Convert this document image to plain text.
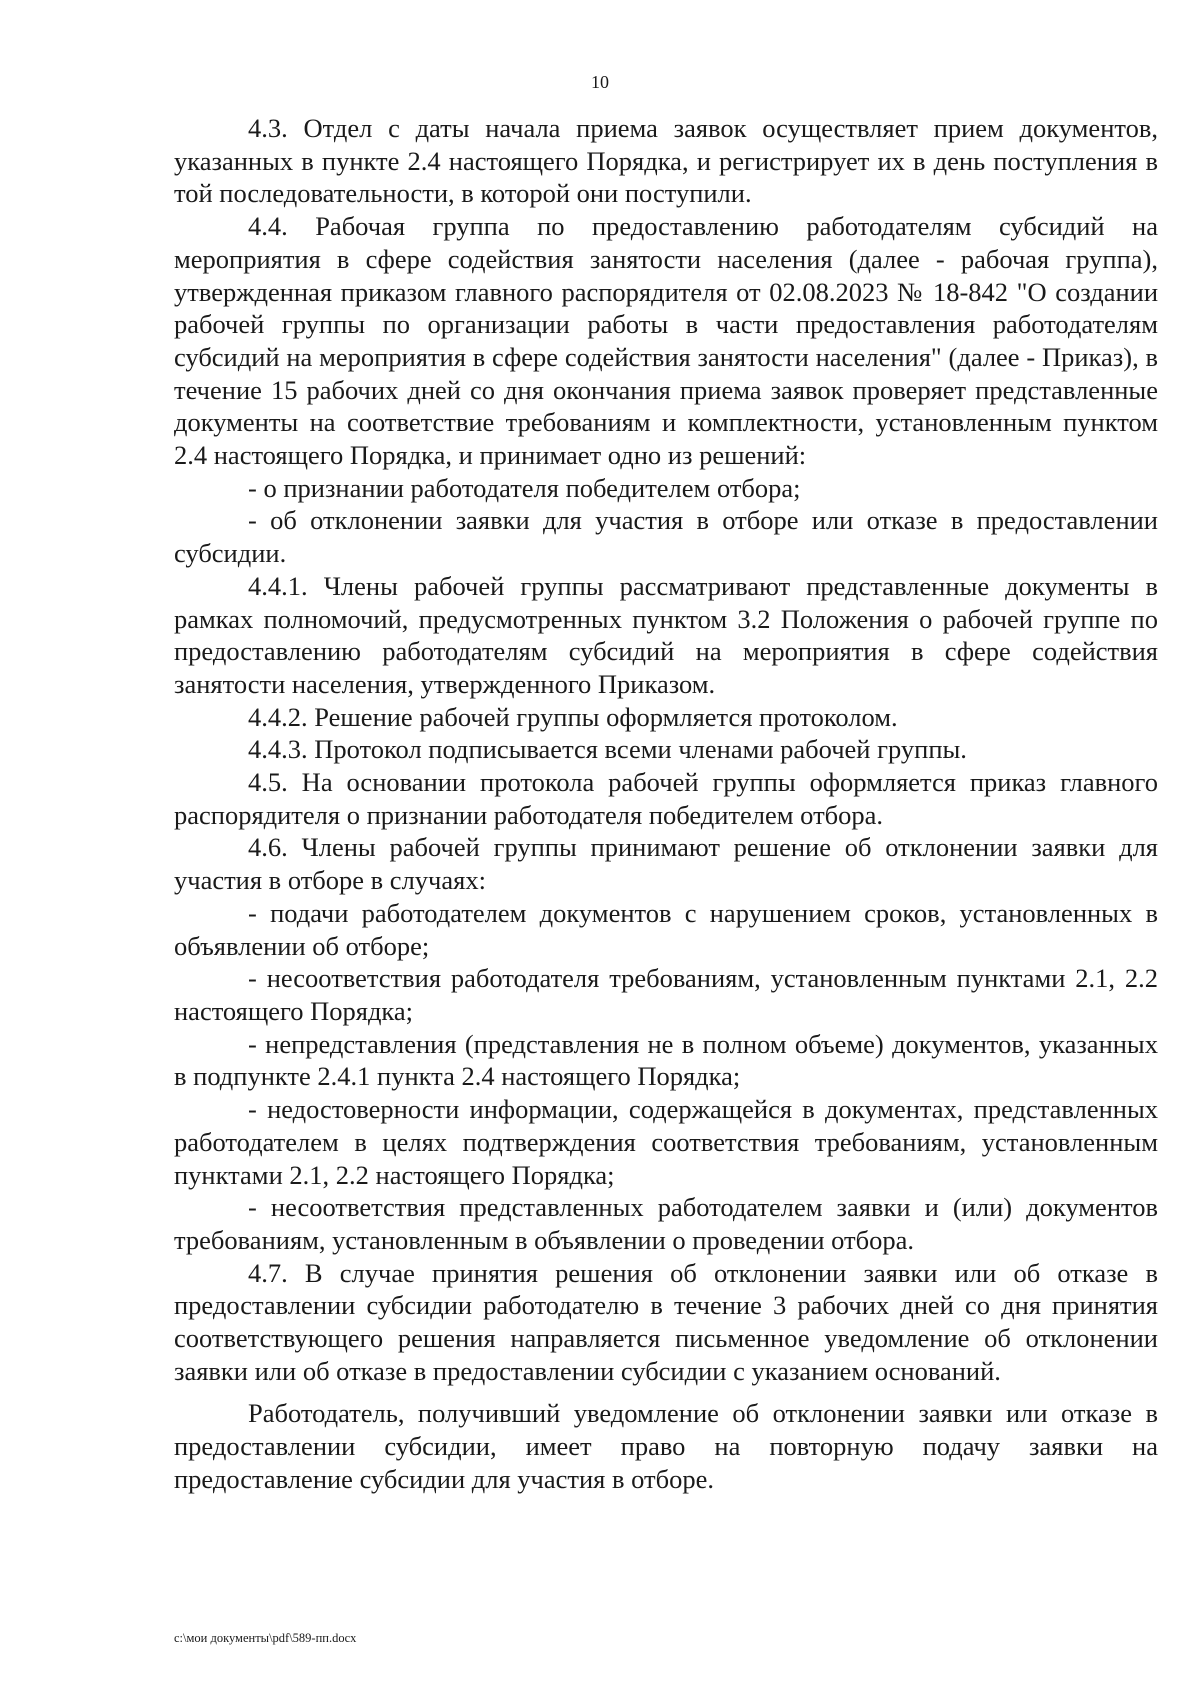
10

4.3. Отдел с даты начала приема заявок осуществляет прием документов, указанных в пункте 2.4 настоящего Порядка, и регистрирует их в день поступления в той последовательности, в которой они поступили.

4.4. Рабочая группа по предоставлению работодателям субсидий на мероприятия в сфере содействия занятости населения (далее - рабочая группа), утвержденная приказом главного распорядителя от 02.08.2023 № 18-842 "О создании рабочей группы по организации работы в части предоставления работодателям субсидий на мероприятия в сфере содействия занятости населения" (далее - Приказ), в течение 15 рабочих дней со дня окончания приема заявок проверяет представленные документы на соответствие требованиям и комплектности, установленным пунктом 2.4 настоящего Порядка, и принимает одно из решений:

- о признании работодателя победителем отбора;

- об отклонении заявки для участия в отборе или отказе в предоставлении субсидии.

4.4.1. Члены рабочей группы рассматривают представленные документы в рамках полномочий, предусмотренных пунктом 3.2 Положения о рабочей группе по предоставлению работодателям субсидий на мероприятия в сфере содействия занятости населения, утвержденного Приказом.

4.4.2. Решение рабочей группы оформляется протоколом.

4.4.3. Протокол подписывается всеми членами рабочей группы.

4.5. На основании протокола рабочей группы оформляется приказ главного распорядителя о признании работодателя победителем отбора.

4.6. Члены рабочей группы принимают решение об отклонении заявки для участия в отборе в случаях:

- подачи работодателем документов с нарушением сроков, установленных в объявлении об отборе;

- несоответствия работодателя требованиям, установленным пунктами 2.1, 2.2 настоящего Порядка;

- непредставления (представления не в полном объеме) документов, указанных в подпункте 2.4.1 пункта 2.4 настоящего Порядка;

- недостоверности информации, содержащейся в документах, представленных работодателем в целях подтверждения соответствия требованиям, установленным пунктами 2.1, 2.2 настоящего Порядка;

- несоответствия представленных работодателем заявки и (или) документов требованиям, установленным в объявлении о проведении отбора.

4.7. В случае принятия решения об отклонении заявки или об отказе в предоставлении субсидии работодателю в течение 3 рабочих дней со дня принятия соответствующего решения направляется письменное уведомление об отклонении заявки или об отказе в предоставлении субсидии с указанием оснований.

Работодатель, получивший уведомление об отклонении заявки или отказе в предоставлении субсидии, имеет право на повторную подачу заявки на предоставление субсидии для участия в отборе.

c:\мои документы\pdf\589-пп.docx
